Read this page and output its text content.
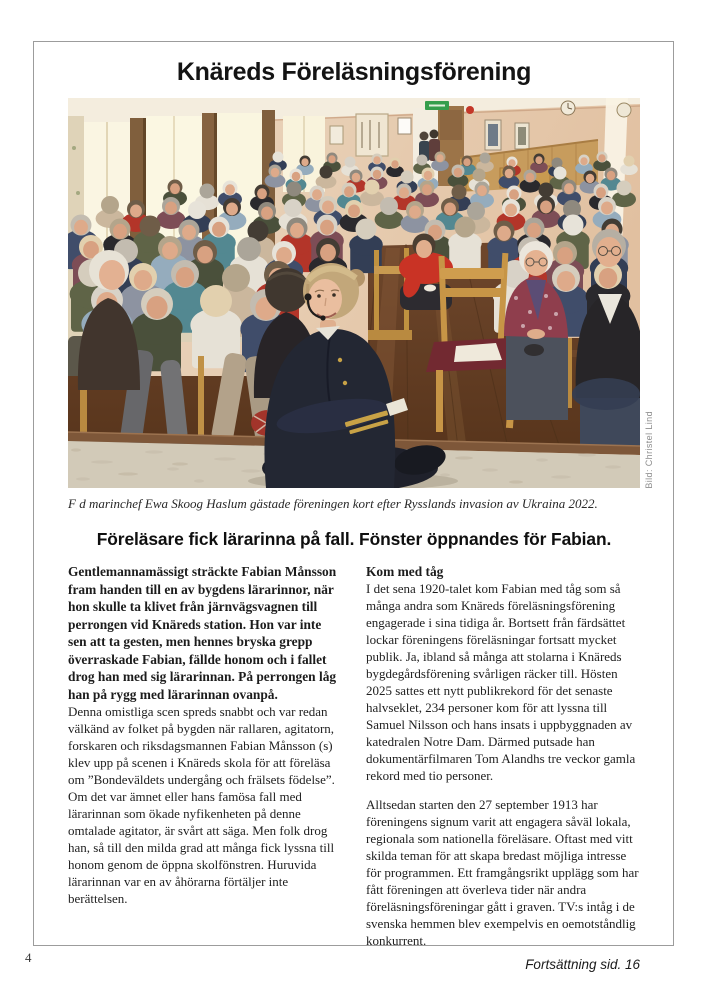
Knäreds Föreläsningsförening
Bild: Christel Lind
F d marinchef Ewa Skoog Haslum gästade föreningen kort efter Rysslands invasion av Ukraina 2022.
Föreläsare fick lärarinna på fall. Fönster öppnandes för Fabian.

Gentlemannamässigt sträckte Fabian Månsson fram handen till en av bygdens lärarinnor, när hon skulle ta klivet från järnvägsvagnen till perrongen vid Knäreds station. Hon var inte sen att ta gesten, men hennes bryska grepp överraskade Fabian, fällde honom och i fallet drog han med sig lärarinnan. På perrongen låg han på rygg med lärarinnan ovanpå.

Denna omistliga scen spreds snabbt och var redan välkänd av folket på bygden när rallaren, agitatorn, forskaren och riksdagsmannen Fabian Månsson (s) klev upp på scenen i Knäreds skola för att föreläsa om ”Bondeväldets undergång och frälsets födelse”. Om det var ämnet eller hans famösa fall med lärarinnan som ökade nyfikenheten på denne omtalade agitator, är svårt att säga. Men folk drog han, så till den milda grad att många fick lyssna till honom genom de öppna skolfönstren. Huruvida lärarinnan var en av åhörarna förtäljer inte berättelsen.

Kom med tåg

I det sena 1920-talet kom Fabian med tåg som så många andra som Knäreds föreläsningsförening engagerade i sina tidiga år. Bortsett från färdsättet lockar föreningens föreläsningar fortsatt mycket publik. Ja, ibland så många att stolarna i Knäreds bygdegårdsförening svårligen räcker till. Hösten 2025 sattes ett nytt publikrekord för det senaste halvseklet, 234 personer kom för att lyssna till Samuel Nilsson och hans insats i uppbyggnaden av katedralen Notre Dam. Därmed putsade han dokumentärfilmaren Tom Alandhs tre veckor gamla rekord med tio personer.

Alltsedan starten den 27 september 1913 har föreningens signum varit att engagera såväl lokala, regionala som nationella föreläsare. Oftast med vitt skilda teman för att skapa bredast möjliga intresse för programmen. Ett framgångsrikt upplägg som har fått föreningen att överleva tider när andra föreläsningsföreningar gått i graven. TV:s intåg i de svenska hemmen blev exempelvis en oemotståndlig konkurrent.

Fortsättning sid. 16

4
